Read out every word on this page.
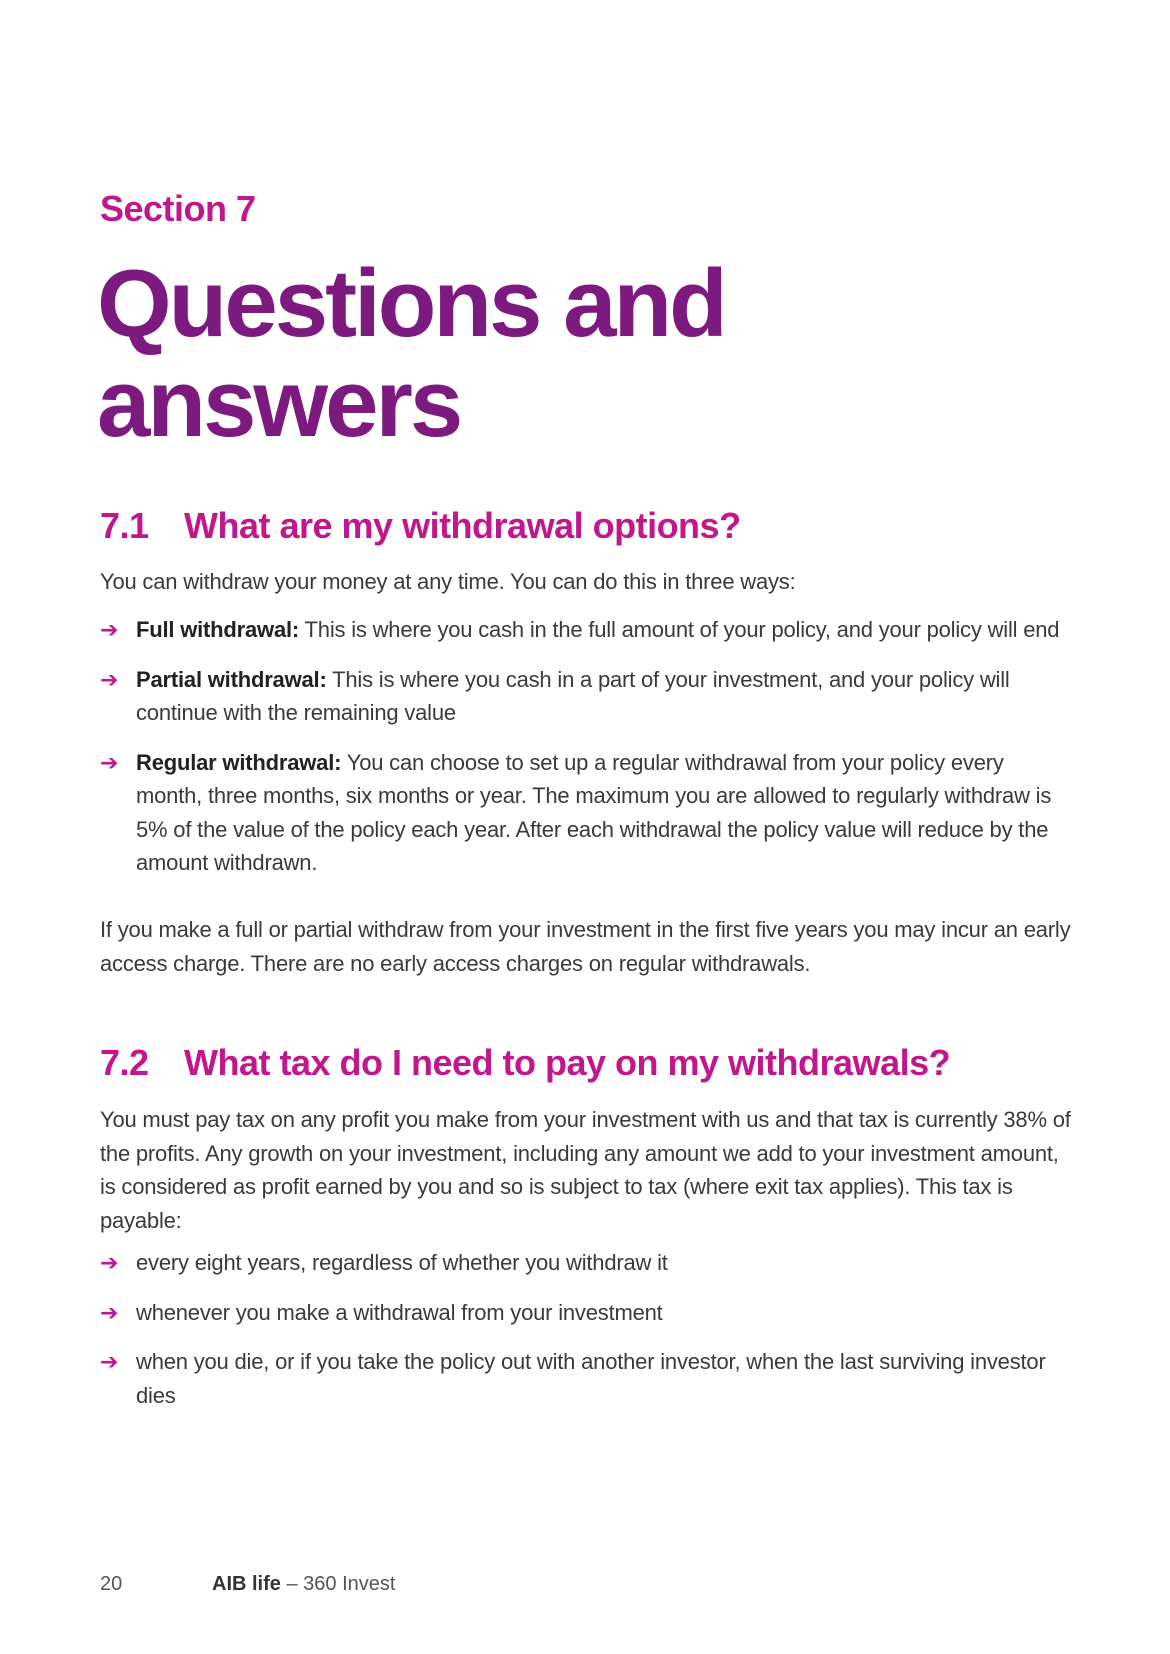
Section 7
Questions and
answers
7.1 What are my withdrawal options?
You can withdraw your money at any time. You can do this in three ways:
➔ Full withdrawal: This is where you cash in the full amount of your policy, and your policy will end
➔ Partial withdrawal: This is where you cash in a part of your investment, and your policy will continue with the remaining value
➔ Regular withdrawal: You can choose to set up a regular withdrawal from your policy every month, three months, six months or year. The maximum you are allowed to regularly withdraw is 5% of the value of the policy each year. After each withdrawal the policy value will reduce by the amount withdrawn.
If you make a full or partial withdraw from your investment in the first five years you may incur an early access charge. There are no early access charges on regular withdrawals.
7.2 What tax do I need to pay on my withdrawals?
You must pay tax on any profit you make from your investment with us and that tax is currently 38% of the profits. Any growth on your investment, including any amount we add to your investment amount, is considered as profit earned by you and so is subject to tax (where exit tax applies). This tax is payable:
➔ every eight years, regardless of whether you withdraw it
➔ whenever you make a withdrawal from your investment
➔ when you die, or if you take the policy out with another investor, when the last surviving investor dies
20	AIB life – 360 Invest
